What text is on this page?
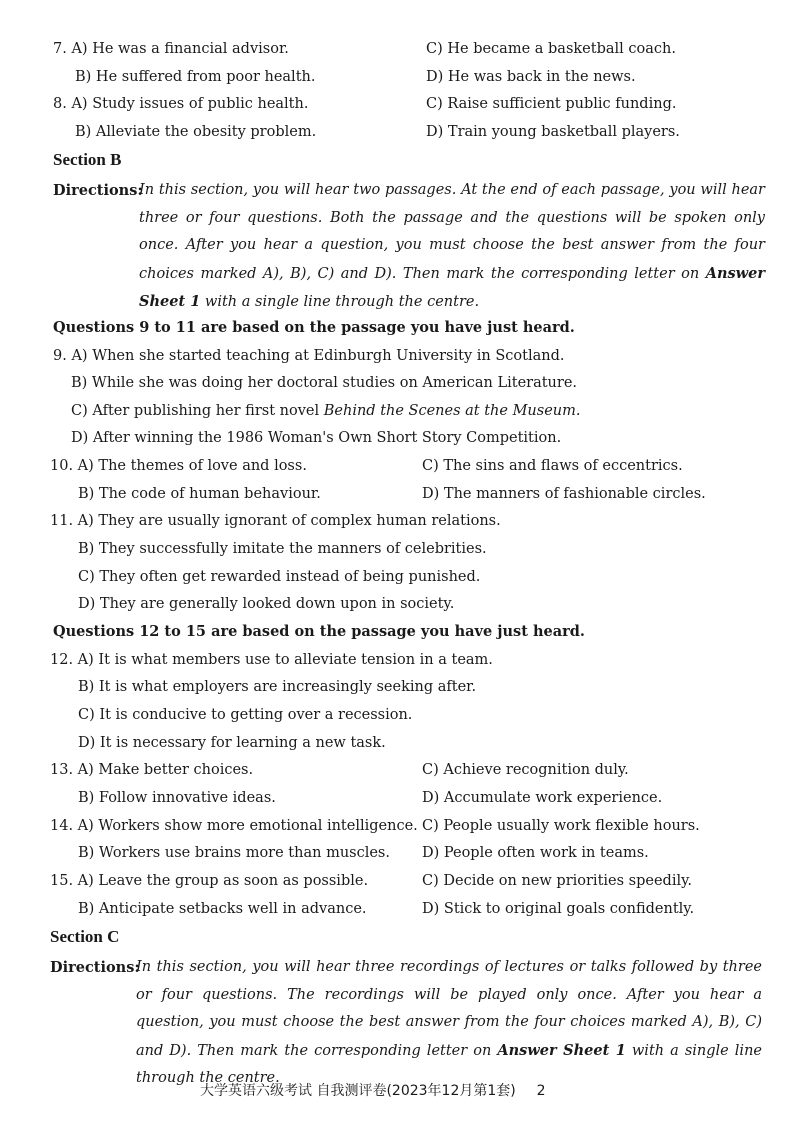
7. A) He was a financial advisor.	C) He became a basketball coach.
B) He suffered from poor health.	D) He was back in the news.
8. A) Study issues of public health.	C) Raise sufficient public funding.
B) Alleviate the obesity problem.	D) Train young basketball players.
Section B
Directions:
In this section, you will hear two passages. At the end of each passage, you will hear three or four questions. Both the passage and the questions will be spoken only once. After you hear a question, you must choose the best answer from the four choices marked A), B), C) and D). Then mark the corresponding letter on Answer Sheet 1 with a single line through the centre.
Questions 9 to 11 are based on the passage you have just heard.
9. A) When she started teaching at Edinburgh University in Scotland.
B) While she was doing her doctoral studies on American Literature.
C) After publishing her first novel Behind the Scenes at the Museum.
D) After winning the 1986 Woman's Own Short Story Competition.
10. A) The themes of love and loss.	C) The sins and flaws of eccentrics.
B) The code of human behaviour.	D) The manners of fashionable circles.
11. A) They are usually ignorant of complex human relations.
B) They successfully imitate the manners of celebrities.
C) They often get rewarded instead of being punished.
D) They are generally looked down upon in society.
Questions 12 to 15 are based on the passage you have just heard.
12. A) It is what members use to alleviate tension in a team.
B) It is what employers are increasingly seeking after.
C) It is conducive to getting over a recession.
D) It is necessary for learning a new task.
13. A) Make better choices.	C) Achieve recognition duly.
B) Follow innovative ideas.	D) Accumulate work experience.
14. A) Workers show more emotional intelligence. C) People usually work flexible hours.
B) Workers use brains more than muscles. D) People often work in teams.
15. A) Leave the group as soon as possible.	C) Decide on new priorities speedily.
B) Anticipate setbacks well in advance.	D) Stick to original goals confidently.
Section C
Directions:
In this section, you will hear three recordings of lectures or talks followed by three or four questions. The recordings will be played only once. After you hear a question, you must choose the best answer from the four choices marked A), B), C) and D). Then mark the corresponding letter on Answer Sheet 1 with a single line through the centre.
大学英语六级考试 自我测评卷(2023年12月第1套) 2
